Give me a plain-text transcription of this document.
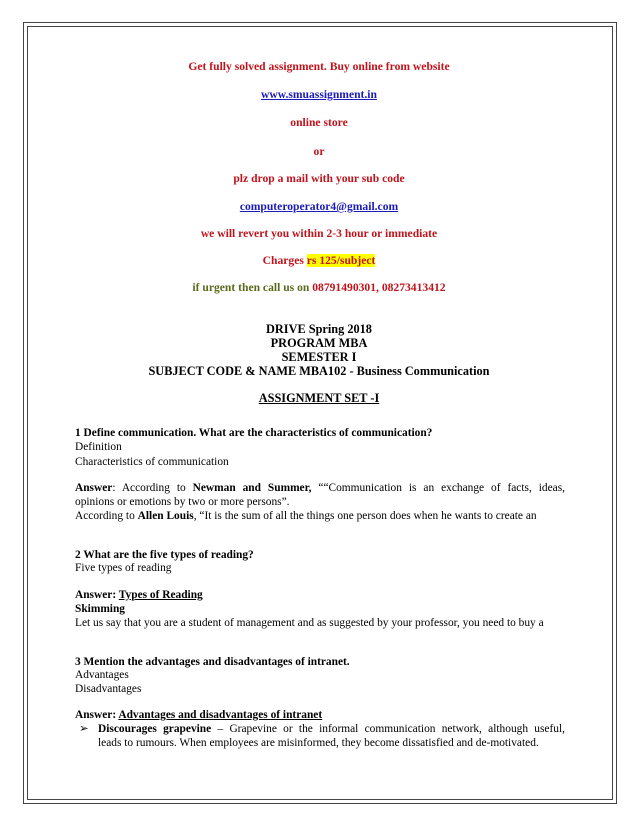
Get fully solved assignment. Buy online from website
www.smuassignment.in
online store
or
plz drop a mail with your sub code
computeroperator4@gmail.com
we will revert you within 2-3 hour or immediate
Charges rs 125/subject
if urgent then call us on 08791490301, 08273413412
DRIVE Spring 2018
PROGRAM MBA
SEMESTER I
SUBJECT CODE & NAME MBA102 - Business Communication
ASSIGNMENT SET -I
1 Define communication. What are the characteristics of communication?
Definition
Characteristics of communication
Answer: According to Newman and Summer, ““Communication is an exchange of facts, ideas,
opinions or emotions by two or more persons”.
According to Allen Louis, “It is the sum of all the things one person does when he wants to create an
2 What are the five types of reading?
Five types of reading
Answer: Types of Reading
Skimming
Let us say that you are a student of management and as suggested by your professor, you need to buy a
3 Mention the advantages and disadvantages of intranet.
Advantages
Disadvantages
Answer: Advantages and disadvantages of intranet
➢ Discourages grapevine – Grapevine or the informal communication network, although useful,
leads to rumours. When employees are misinformed, they become dissatisfied and de-motivated.
